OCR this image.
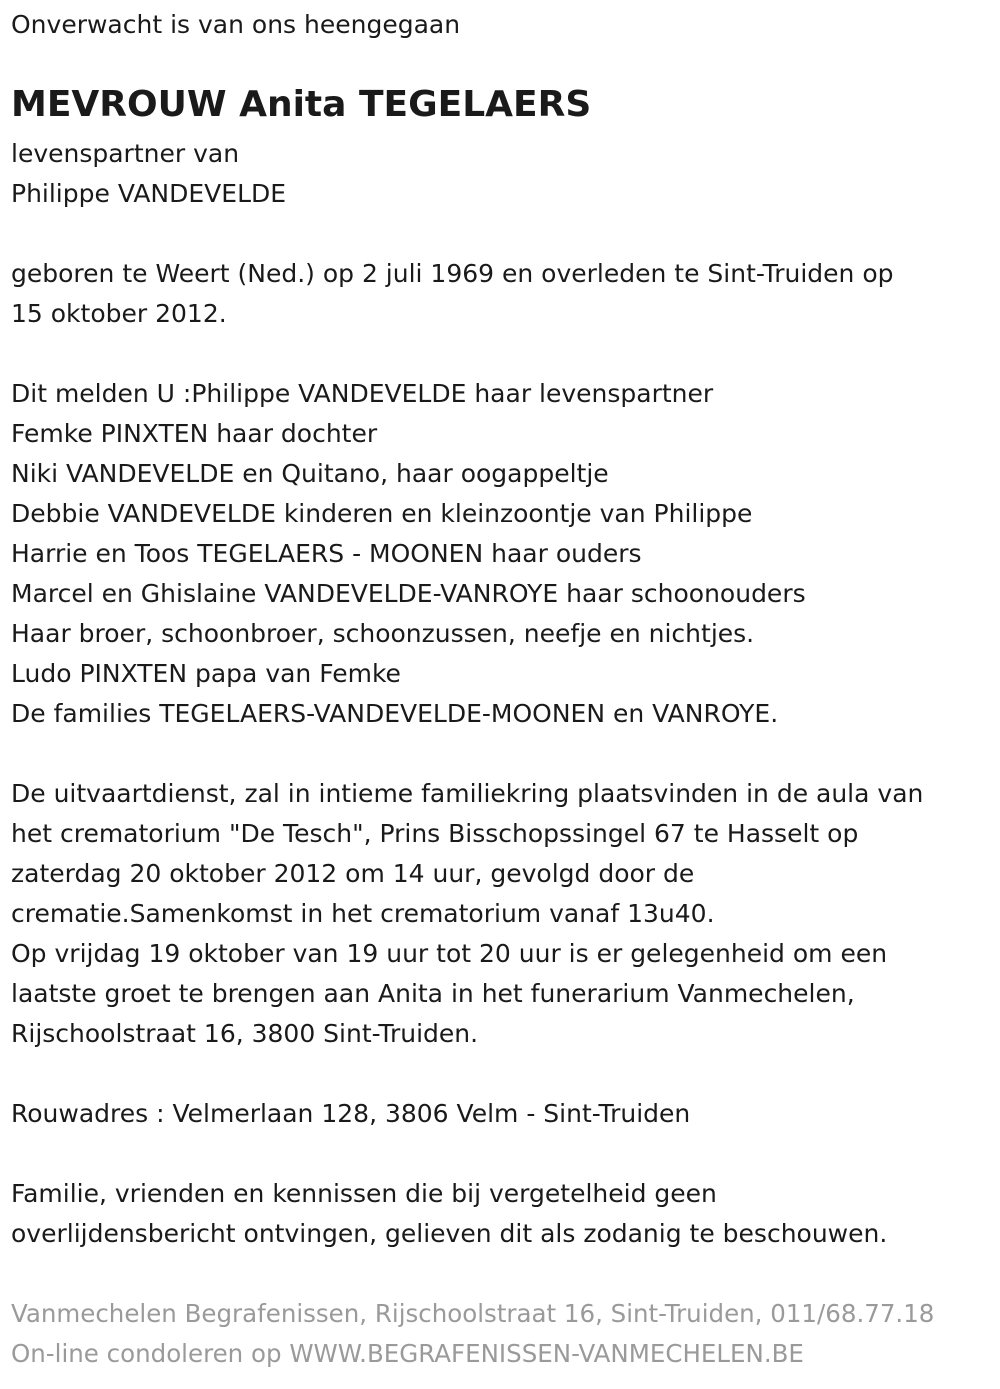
Onverwacht is van ons heengegaan
MEVROUW Anita TEGELAERS
levenspartner van
Philippe VANDEVELDE
geboren te Weert (Ned.) op 2 juli 1969 en overleden te Sint-Truiden op
15 oktober 2012.
Dit melden U :Philippe VANDEVELDE haar levenspartner
Femke PINXTEN haar dochter
Niki VANDEVELDE en Quitano, haar oogappeltje
Debbie VANDEVELDE kinderen en kleinzoontje van Philippe
Harrie en Toos TEGELAERS - MOONEN haar ouders
Marcel en Ghislaine VANDEVELDE-VANROYE haar schoonouders
Haar broer, schoonbroer, schoonzussen, neefje en nichtjes.
Ludo PINXTEN papa van Femke
De families TEGELAERS-VANDEVELDE-MOONEN en VANROYE.
De uitvaartdienst, zal in intieme familiekring plaatsvinden in de aula van
het crematorium "De Tesch", Prins Bisschopssingel 67 te Hasselt op
zaterdag 20 oktober 2012 om 14 uur, gevolgd door de
crematie.Samenkomst in het crematorium vanaf 13u40.
Op vrijdag 19 oktober van 19 uur tot 20 uur is er gelegenheid om een
laatste groet te brengen aan Anita in het funerarium Vanmechelen,
Rijschoolstraat 16, 3800 Sint-Truiden.
Rouwadres : Velmerlaan 128, 3806 Velm - Sint-Truiden
Familie, vrienden en kennissen die bij vergetelheid geen
overlijdensbericht ontvingen, gelieven dit als zodanig te beschouwen.
Vanmechelen Begrafenissen, Rijschoolstraat 16, Sint-Truiden, 011/68.77.18
On-line condoleren op WWW.BEGRAFENISSEN-VANMECHELEN.BE
